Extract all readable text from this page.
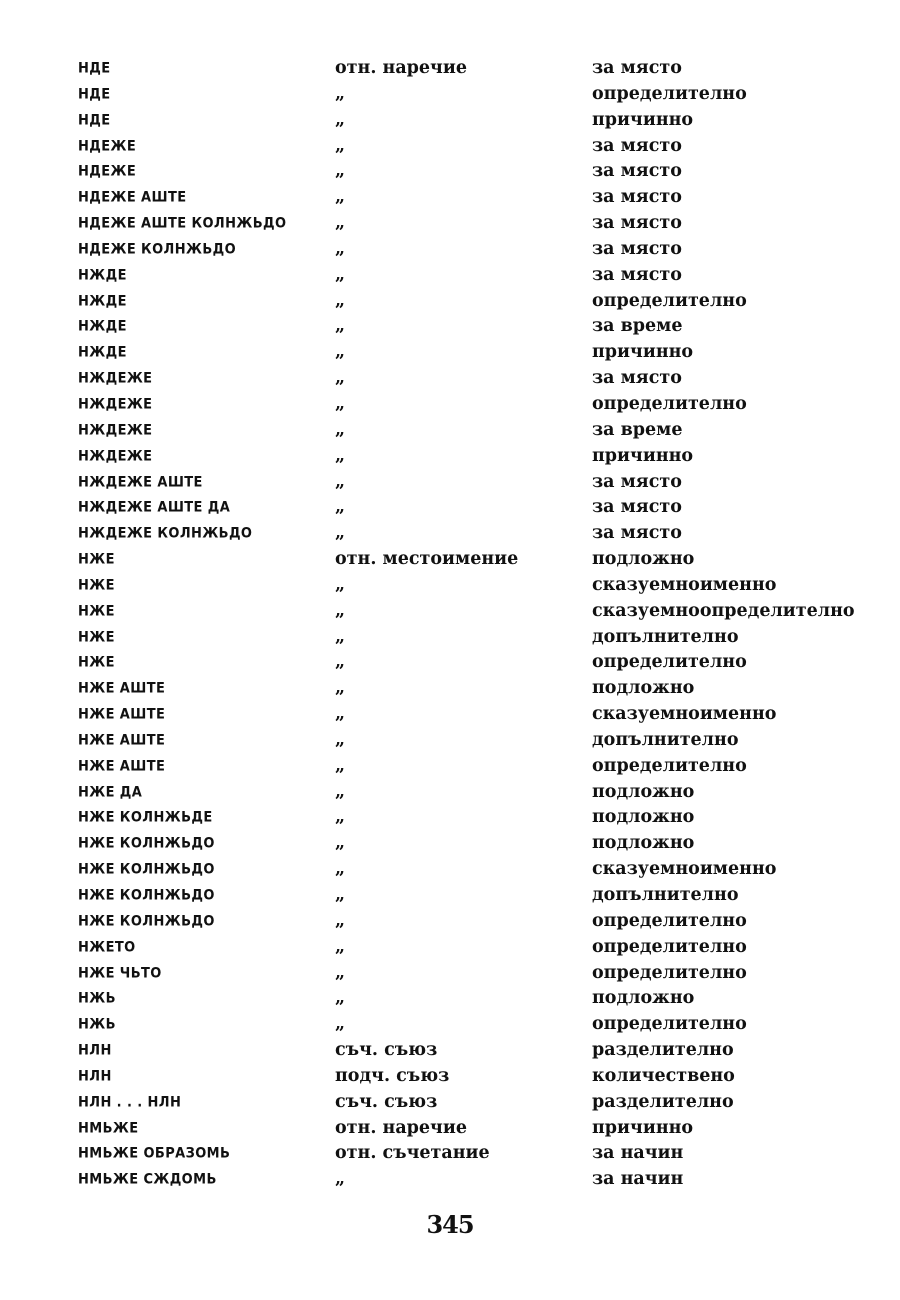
НДЕ	отн. наречие	за място
НДЕ	„	определително
НДЕ	„	причинно
НДЕЖЕ	„	за място
НДЕЖЕ	„	за място
НДЕЖЕ АШТЕ	„	за място
НДЕЖЕ АШТЕ КОЛНЖЬДО	„	за място
НДЕЖЕ КОЛНЖЬДО	„	за място
НЖДЕ	„	за място
НЖДЕ	„	определително
НЖДЕ	„	за време
НЖДЕ	„	причинно
НЖДЕЖЕ	„	за място
НЖДЕЖЕ	„	определително
НЖДЕЖЕ	„	за време
НЖДЕЖЕ	„	причинно
НЖДЕЖЕ АШТЕ	„	за място
НЖДЕЖЕ АШТЕ ДА	„	за място
НЖДЕЖЕ КОЛНЖЬДО	„	за място
НЖЕ	отн. местоимение	подложно
НЖЕ	„	сказуемноименно
НЖЕ	„	сказуемноопределително
НЖЕ	„	допълнително
НЖЕ	„	определително
НЖЕ АШТЕ	„	подложно
НЖЕ АШТЕ	„	сказуемноименно
НЖЕ АШТЕ	„	допълнително
НЖЕ АШТЕ	„	определително
НЖЕ ДА	„	подложно
НЖЕ КОЛНЖЬДЕ	„	подложно
НЖЕ КОЛНЖЬДО	„	подложно
НЖЕ КОЛНЖЬДО	„	сказуемноименно
НЖЕ КОЛНЖЬДО	„	допълнително
НЖЕ КОЛНЖЬДО	„	определително
НЖЕТО	„	определително
НЖЕ ЧЬТО	„	определително
НЖЬ	„	подложно
НЖЬ	„	определително
НЛН	съч. съюз	разделително
НЛН	подч. съюз	количествено
НЛН . . . НЛН	съч. съюз	разделително
НМЬЖЕ	отн. наречие	причинно
НМЬЖЕ ОБРАЗОМЬ	отн. съчетание	за начин
НМЬЖЕ СЖДОМЬ	„	за начин
345
